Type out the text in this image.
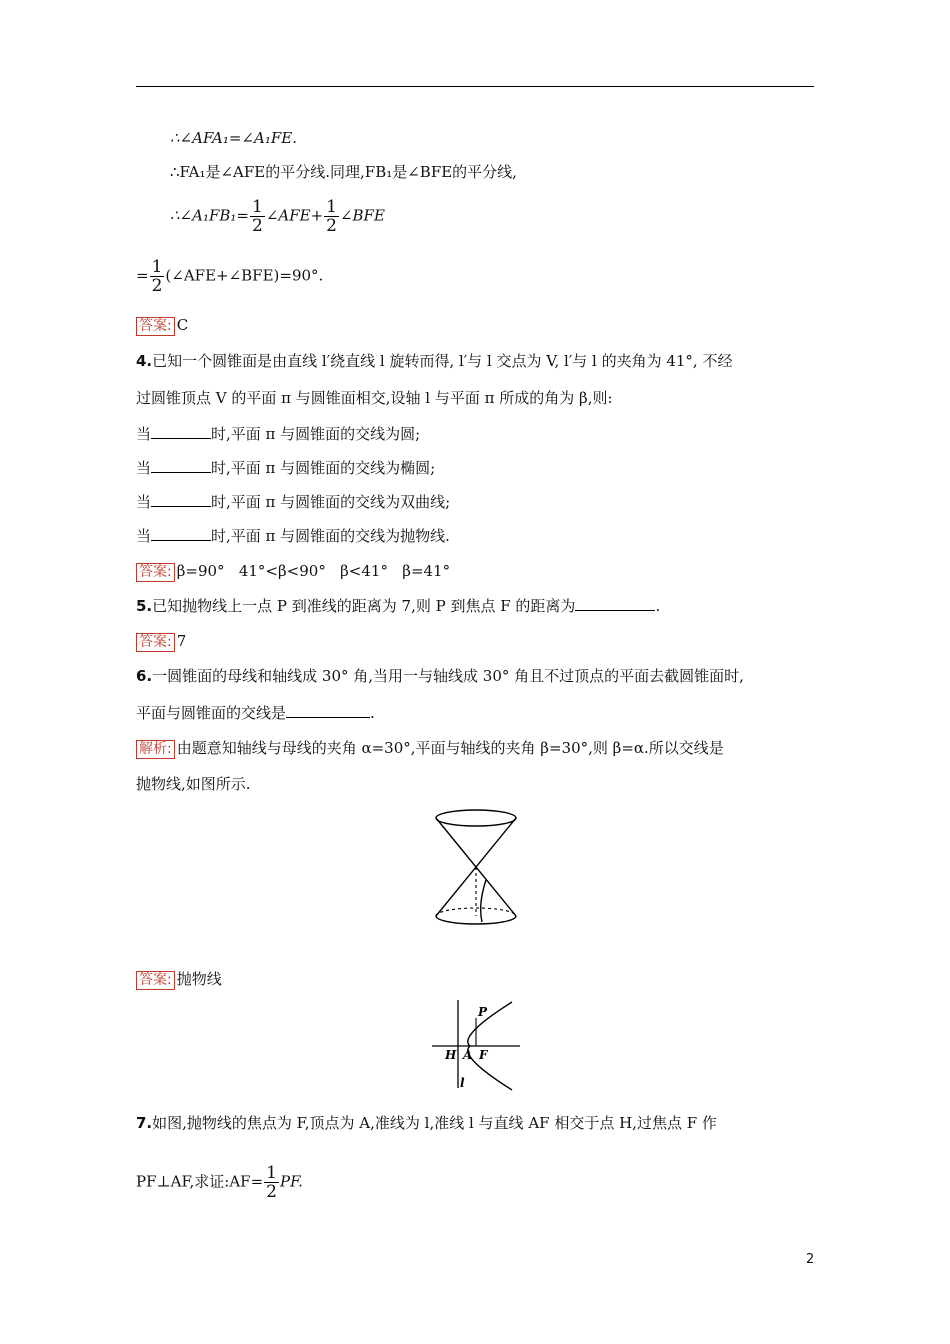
∴∠AFA₁=∠A₁FE.
∴FA₁是∠AFE的平分线.同理,FB₁是∠BFE的平分线,
∴∠A₁FB₁= $\frac{1}{2}$ ∠AFE+ $\frac{1}{2}$ ∠BFE
= $\frac{1}{2}$ (∠AFE+∠BFE)=90°.
答案: C
4.已知一个圆锥面是由直线 l′绕直线 l 旋转而得, l′与 l 交点为 V, l′与 l 的夹角为 41°, 不经
过圆锥顶点 V 的平面 π 与圆锥面相交,设轴 l 与平面 π 所成的角为 β,则:
当	时,平面 π 与圆锥面的交线为圆;
当	时,平面 π 与圆锥面的交线为椭圆;
当	时,平面 π 与圆锥面的交线为双曲线;
当	时,平面 π 与圆锥面的交线为抛物线.
答案: β=90°   41°<β<90°   β<41°   β=41°
5.已知抛物线上一点 P 到准线的距离为 7,则 P 到焦点 F 的距离为	.
答案: 7
6.一圆锥面的母线和轴线成 30° 角,当用一与轴线成 30° 角且不过顶点的平面去截圆锥面时,
平面与圆锥面的交线是	.
解析: 由题意知轴线与母线的夹角 α=30°,平面与轴线的夹角 β=30°,则 β=α.所以交线是
抛物线,如图所示.
答案: 抛物线
P
H A F
l
7.如图,抛物线的焦点为 F,顶点为 A,准线为 l,准线 l 与直线 AF 相交于点 H,过焦点 F 作
PF⊥AF,求证:AF= $\frac{1}{2}$ PF.
2
